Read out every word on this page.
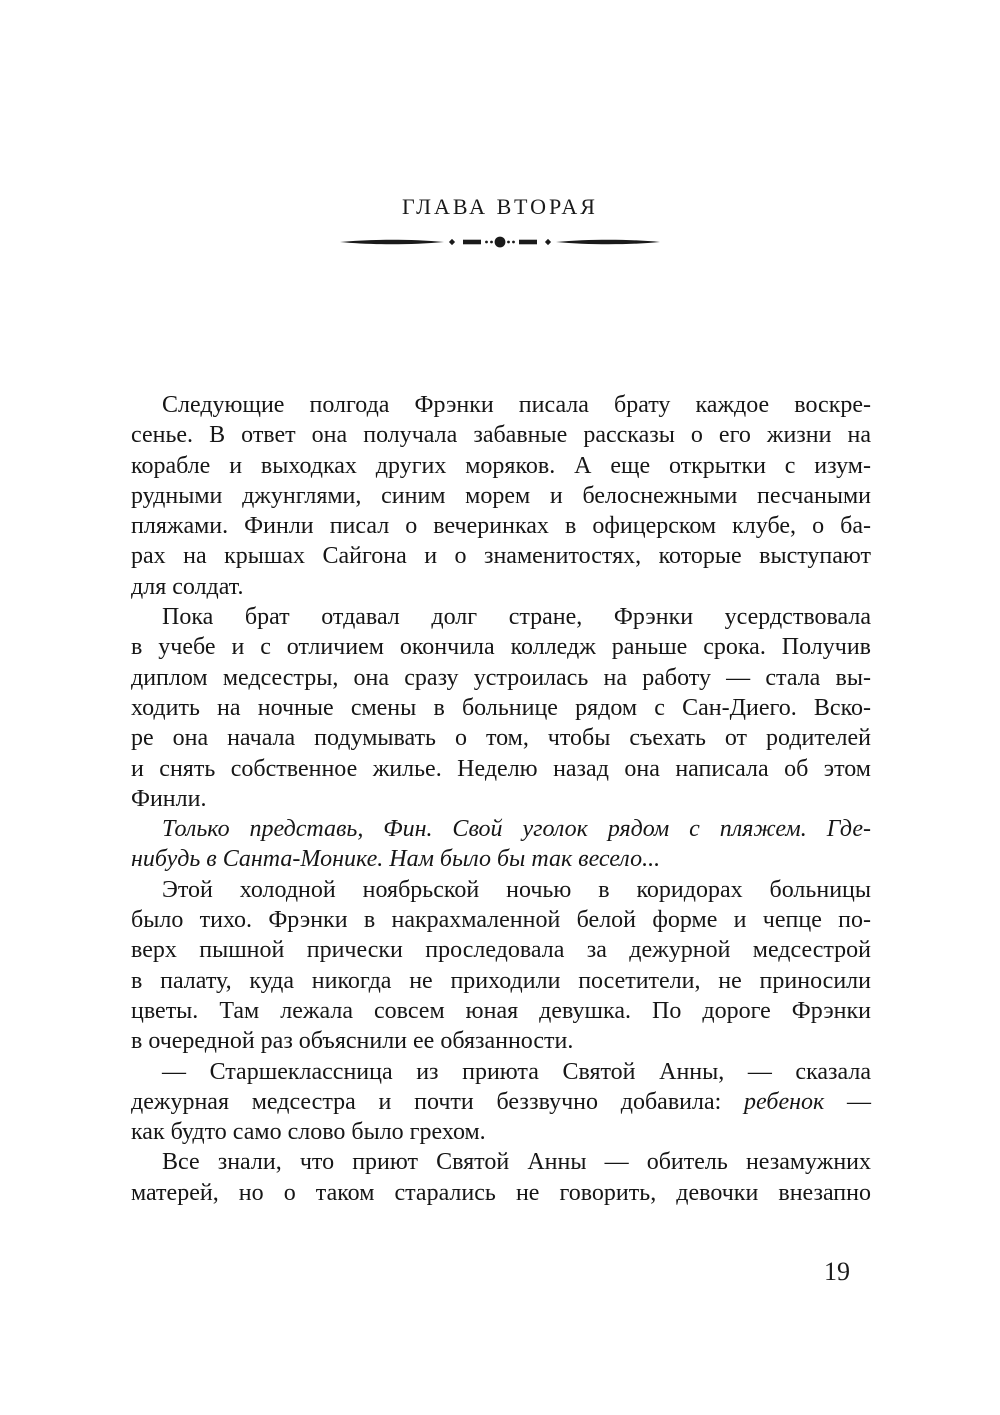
ГЛАВА ВТОРАЯ
Следующие полгода Фрэнки писала брату каждое воскре-
сенье. В ответ она получала забавные рассказы о его жизни на
корабле и выходках других моряков. А еще открытки с изум-
рудными джунглями, синим морем и белоснежными песчаными
пляжами. Финли писал о вечеринках в офицерском клубе, о ба-
рах на крышах Сайгона и о знаменитостях, которые выступают
для солдат.
Пока брат отдавал долг стране, Фрэнки усердствовала
в учебе и с отличием окончила колледж раньше срока. Получив
диплом медсестры, она сразу устроилась на работу — стала вы-
ходить на ночные смены в больнице рядом с Сан-Диего. Вско-
ре она начала подумывать о том, чтобы съехать от родителей
и снять собственное жилье. Неделю назад она написала об этом
Финли.
Только представь, Фин. Свой уголок рядом с пляжем. Где-
нибудь в Санта-Монике. Нам было бы так весело...
Этой холодной ноябрьской ночью в коридорах больницы
было тихо. Фрэнки в накрахмаленной белой форме и чепце по-
верх пышной прически проследовала за дежурной медсестрой
в палату, куда никогда не приходили посетители, не приносили
цветы. Там лежала совсем юная девушка. По дороге Фрэнки
в очередной раз объяснили ее обязанности.
— Старшеклассница из приюта Святой Анны, — сказала
дежурная медсестра и почти беззвучно добавила: ребенок —
как будто само слово было грехом.
Все знали, что приют Святой Анны — обитель незамужних
матерей, но о таком старались не говорить, девочки внезапно
19
